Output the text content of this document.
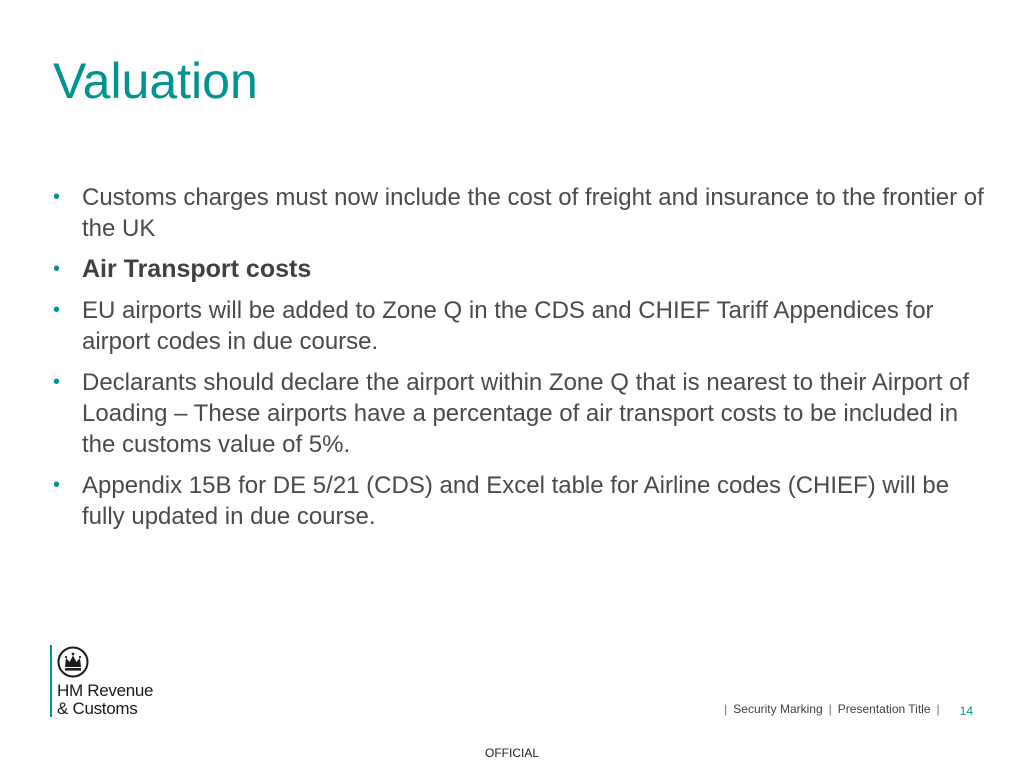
Valuation
• Customs charges must now include the cost of freight and insurance to the frontier of the UK
• Air Transport costs
• EU airports will be added to Zone Q in the CDS and CHIEF Tariff Appendices for airport codes in due course.
• Declarants should declare the airport within Zone Q that is nearest to their Airport of Loading – These airports have a percentage of air transport costs to be included in the customs value of 5%.
• Appendix 15B for DE 5/21 (CDS) and Excel table for Airline codes (CHIEF) will be fully updated in due course.
HM Revenue
& Customs	| Security Marking | Presentation Title | 14
OFFICIAL
